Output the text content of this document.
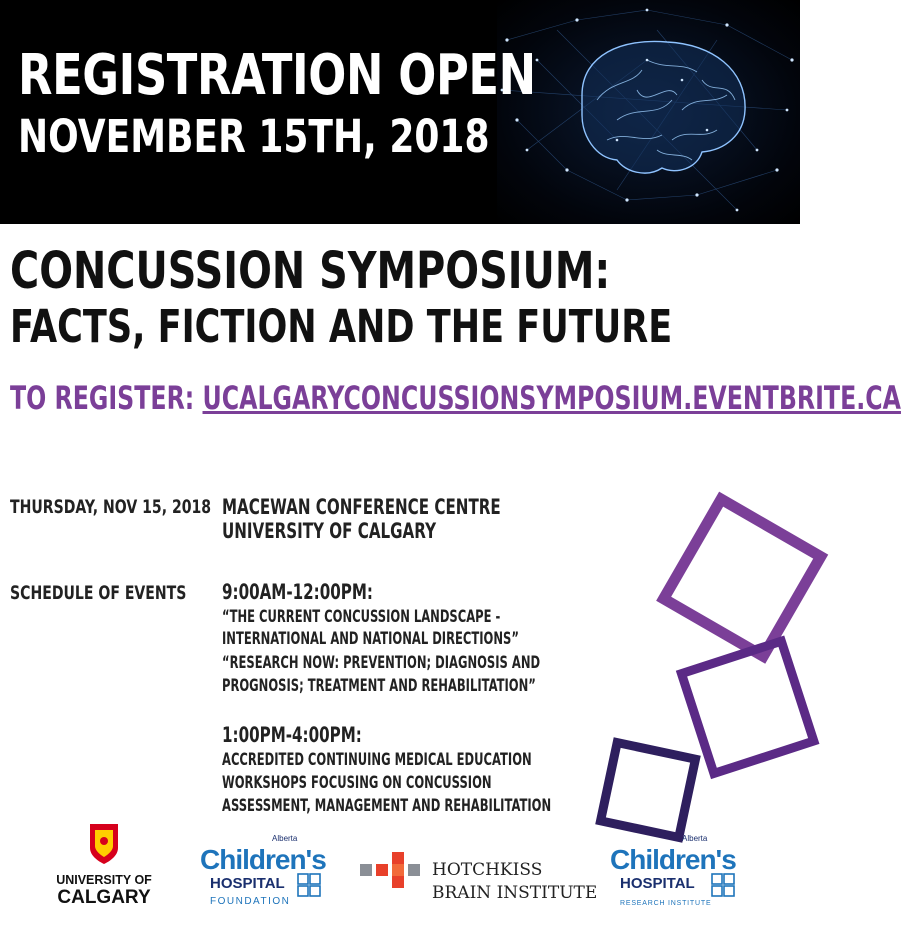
REGISTRATION OPEN
NOVEMBER 15TH, 2018
CONCUSSION SYMPOSIUM:
FACTS, FICTION AND THE FUTURE
TO REGISTER: UCALGARYCONCUSSIONSYMPOSIUM.EVENTBRITE.CA
THURSDAY, NOV 15, 2018 MACEWAN CONFERENCE CENTRE
UNIVERSITY OF CALGARY
SCHEDULE OF EVENTS 9:00AM-12:00PM:
“THE CURRENT CONCUSSION LANDSCAPE -
INTERNATIONAL AND NATIONAL DIRECTIONS”
“RESEARCH NOW: PREVENTION; DIAGNOSIS AND
PROGNOSIS; TREATMENT AND REHABILITATION”
1:00PM-4:00PM:
ACCREDITED CONTINUING MEDICAL EDUCATION
WORKSHOPS FOCUSING ON CONCUSSION
ASSESSMENT, MANAGEMENT AND REHABILITATION
UNIVERSITY OF
CALGARY
Alberta
Children's
HOSPITAL
FOUNDATION
HOTCHKISS
BRAIN INSTITUTE
Alberta
Children's
HOSPITAL
RESEARCH INSTITUTE
